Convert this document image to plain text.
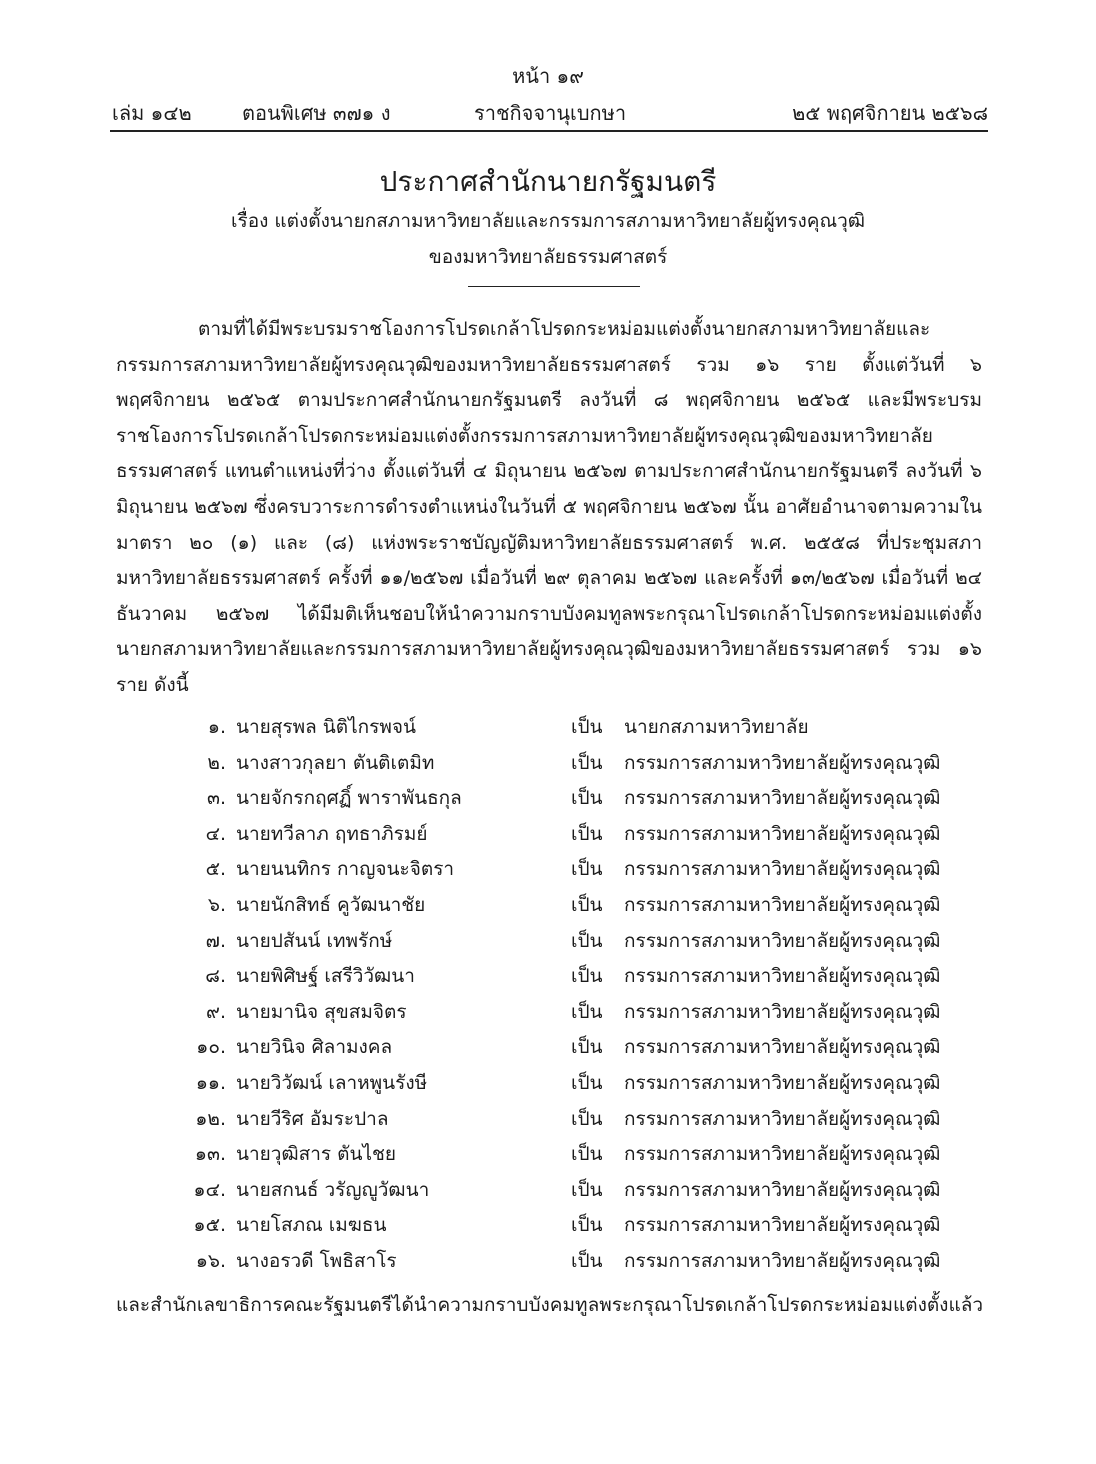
หน้า ๑๙
เล่ม ๑๔๒	ตอนพิเศษ ๓๗๑ ง	ราชกิจจานุเบกษา	๒๕ พฤศจิกายน ๒๕๖๘
ประกาศสำนักนายกรัฐมนตรี
เรื่อง แต่งตั้งนายกสภามหาวิทยาลัยและกรรมการสภามหาวิทยาลัยผู้ทรงคุณวุฒิ
ของมหาวิทยาลัยธรรมศาสตร์

ตามที่ได้มีพระบรมราชโองการโปรดเกล้าโปรดกระหม่อมแต่งตั้งนายกสภามหาวิทยาลัยและกรรมการสภามหาวิทยาลัยผู้ทรงคุณวุฒิของมหาวิทยาลัยธรรมศาสตร์ รวม ๑๖ ราย ตั้งแต่วันที่ ๖ พฤศจิกายน ๒๕๖๕ ตามประกาศสำนักนายกรัฐมนตรี ลงวันที่ ๘ พฤศจิกายน ๒๕๖๕ และมีพระบรมราชโองการโปรดเกล้าโปรดกระหม่อมแต่งตั้งกรรมการสภามหาวิทยาลัยผู้ทรงคุณวุฒิของมหาวิทยาลัยธรรมศาสตร์ แทนตำแหน่งที่ว่าง ตั้งแต่วันที่ ๔ มิถุนายน ๒๕๖๗ ตามประกาศสำนักนายกรัฐมนตรี ลงวันที่ ๖ มิถุนายน ๒๕๖๗ ซึ่งครบวาระการดำรงตำแหน่งในวันที่ ๕ พฤศจิกายน ๒๕๖๗ นั้น อาศัยอำนาจตามความในมาตรา ๒๐ (๑) และ (๘) แห่งพระราชบัญญัติมหาวิทยาลัยธรรมศาสตร์ พ.ศ. ๒๕๕๘ ที่ประชุมสภามหาวิทยาลัยธรรมศาสตร์ ครั้งที่ ๑๑/๒๕๖๗ เมื่อวันที่ ๒๙ ตุลาคม ๒๕๖๗ และครั้งที่ ๑๓/๒๕๖๗ เมื่อวันที่ ๒๔ ธันวาคม ๒๕๖๗ ได้มีมติเห็นชอบให้นำความกราบบังคมทูลพระกรุณาโปรดเกล้าโปรดกระหม่อมแต่งตั้งนายกสภามหาวิทยาลัยและกรรมการสภามหาวิทยาลัยผู้ทรงคุณวุฒิของมหาวิทยาลัยธรรมศาสตร์ รวม ๑๖ ราย ดังนี้

๑. นายสุรพล นิติไกรพจน์	เป็น นายกสภามหาวิทยาลัย
๒. นางสาวกุลยา ตันติเตมิท	เป็น กรรมการสภามหาวิทยาลัยผู้ทรงคุณวุฒิ
๓. นายจักรกฤศฏิ์ พาราพันธกุล	เป็น กรรมการสภามหาวิทยาลัยผู้ทรงคุณวุฒิ
๔. นายทวีลาภ ฤทธาภิรมย์	เป็น กรรมการสภามหาวิทยาลัยผู้ทรงคุณวุฒิ
๕. นายนนทิกร กาญจนะจิตรา	เป็น กรรมการสภามหาวิทยาลัยผู้ทรงคุณวุฒิ
๖. นายนักสิทธ์ คูวัฒนาชัย	เป็น กรรมการสภามหาวิทยาลัยผู้ทรงคุณวุฒิ
๗. นายปสันน์ เทพรักษ์	เป็น กรรมการสภามหาวิทยาลัยผู้ทรงคุณวุฒิ
๘. นายพิศิษฐ์ เสรีวิวัฒนา	เป็น กรรมการสภามหาวิทยาลัยผู้ทรงคุณวุฒิ
๙. นายมานิจ สุขสมจิตร	เป็น กรรมการสภามหาวิทยาลัยผู้ทรงคุณวุฒิ
๑๐. นายวินิจ ศิลามงคล	เป็น กรรมการสภามหาวิทยาลัยผู้ทรงคุณวุฒิ
๑๑. นายวิวัฒน์ เลาหพูนรังษี	เป็น กรรมการสภามหาวิทยาลัยผู้ทรงคุณวุฒิ
๑๒. นายวีริศ อัมระปาล	เป็น กรรมการสภามหาวิทยาลัยผู้ทรงคุณวุฒิ
๑๓. นายวุฒิสาร ตันไชย	เป็น กรรมการสภามหาวิทยาลัยผู้ทรงคุณวุฒิ
๑๔. นายสกนธ์ วรัญญูวัฒนา	เป็น กรรมการสภามหาวิทยาลัยผู้ทรงคุณวุฒิ
๑๕. นายโสภณ เมฆธน	เป็น กรรมการสภามหาวิทยาลัยผู้ทรงคุณวุฒิ
๑๖. นางอรวดี โพธิสาโร	เป็น กรรมการสภามหาวิทยาลัยผู้ทรงคุณวุฒิ

และสำนักเลขาธิการคณะรัฐมนตรีได้นำความกราบบังคมทูลพระกรุณาโปรดเกล้าโปรดกระหม่อมแต่งตั้งแล้ว
